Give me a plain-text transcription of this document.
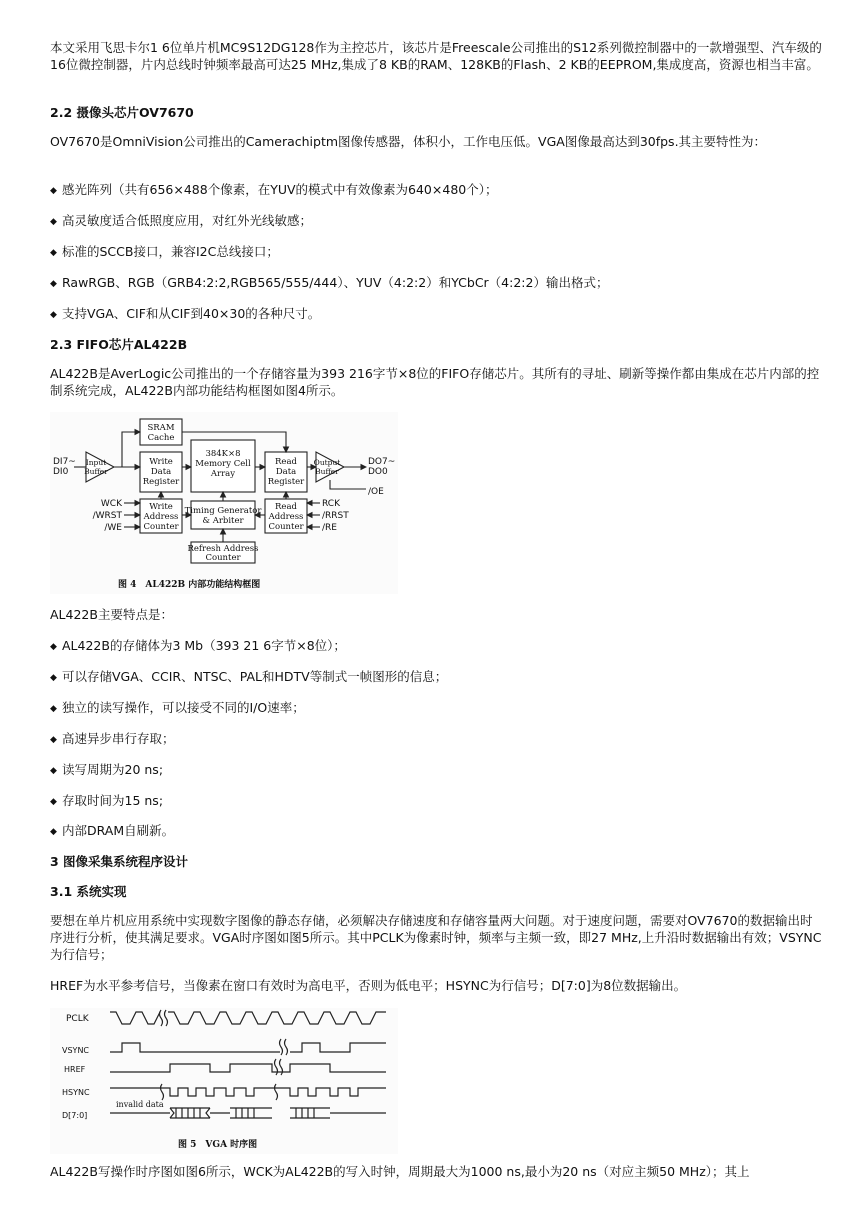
本文采用飞思卡尔1 6位单片机MC9S12DG128作为主控芯片，该芯片是Freescale公司推出的S12系列微控制器中的一款增强型、汽车级的16位微控制器，片内总线时钟频率最高可达25 MHz,集成了8 KB的RAM、128KB的Flash、2 KB的EEPROM,集成度高，资源也相当丰富。

2.2 摄像头芯片OV7670

OV7670是OmniVision公司推出的Camerachiptm图像传感器，体积小，工作电压低。VGA图像最高达到30fps.其主要特性为：

◆ 感光阵列（共有656×488个像素，在YUV的模式中有效像素为640×480个）；

◆ 高灵敏度适合低照度应用，对红外光线敏感；

◆ 标准的SCCB接口，兼容I2C总线接口；

◆ RawRGB、RGB（GRB4:2:2,RGB565/555/444）、YUV（4:2:2）和YCbCr（4:2:2）输出格式；

◆ 支持VGA、CIF和从CIF到40×30的各种尺寸。

2.3 FIFO芯片AL422B

AL422B是AverLogic公司推出的一个存储容量为393 216字节×8位的FIFO存储芯片。其所有的寻址、刷新等操作都由集成在芯片内部的控制系统完成，AL422B内部功能结构框图如图4所示。

SRAM Cache
Input Buffer
Write Data Register
384K×8 Memory Cell Array
Read Data Register
Output Buffer
Write Address Counter
Timing Generator & Arbiter
Read Address Counter
Refresh Address Counter
DI7~ DI0
DO7~ DO0
/OE
WCK /WRST /WE
RCK /RRST /RE
图 4　AL422B 内部功能结构框图

AL422B主要特点是：

◆ AL422B的存储体为3 Mb（393 21 6字节×8位）；

◆ 可以存储VGA、CCIR、NTSC、PAL和HDTV等制式一帧图形的信息；

◆ 独立的读写操作，可以接受不同的I/O速率；

◆ 高速异步串行存取；

◆ 读写周期为20 ns;

◆ 存取时间为15 ns;

◆ 内部DRAM自刷新。

3 图像采集系统程序设计

3.1 系统实现

要想在单片机应用系统中实现数字图像的静态存储，必须解决存储速度和存储容量两大问题。对于速度问题，需要对OV7670的数据输出时序进行分析，使其满足要求。VGA时序图如图5所示。其中PCLK为像素时钟，频率与主频一致，即27 MHz,上升沿时数据输出有效；VSYNC为行信号；

HREF为水平参考信号，当像素在窗口有效时为高电平，否则为低电平；HSYNC为行信号；D[7:0]为8位数据输出。

PCLK
VSYNC
HREF
HSYNC
D[7:0]
invalid data
图 5　VGA 时序图

AL422B写操作时序图如图6所示，WCK为AL422B的写入时钟，周期最大为1000 ns,最小为20 ns（对应主频50 MHz）；其上
